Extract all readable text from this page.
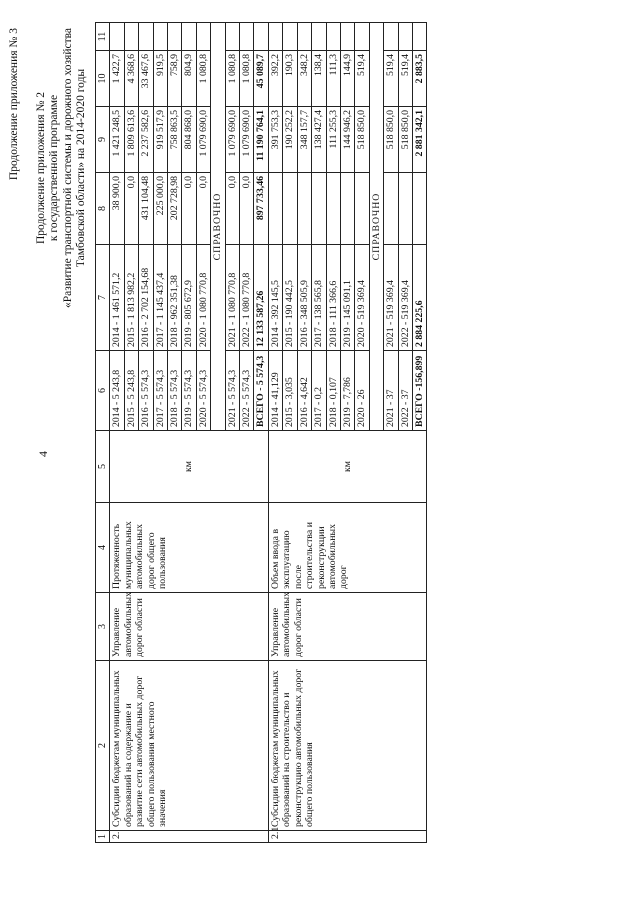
4
Продолжение приложения № 3 Продолжение приложения № 2 к государственной программе «Развитие транспортной системы и дорожного хозяйства Тамбовской области» на 2014-2020 годы
1	2	3	4	5	6	7	8	9	10	11
2.	Субсидии бюджетам муниципальных образований на содержание и развитие сети автомобильных дорог общего пользования местного значения	Управление автомобильных дорог области	Протяженность муниципальных автомобильных дорог общего пользования	км	2014 - 5 243,8	2014 - 1 461 571,2	38 900,0	1 421 248,5	1 422,7	
					2015 - 5 243,8	2015 - 1 813 982,2	0,0	1 809 613,6	4 368,6	
					2016 - 5 574,3	2016 - 2 702 154,68	431 104,48	2 237 582,6	33 467,6	
					2017 - 5 574,3	2017 - 1 145 437,4	225 000,0	919 517,9	919,5	
					2018 - 5 574,3	2018 - 962 351,38	202 728,98	758 863,5	758,9	
					2019 - 5 574,3	2019 - 805 672,9	0,0	804 868,0	804,9	
					2020 - 5 574,3	2020 - 1 080 770,8	0,0	1 079 690,0	1 080,8	
					СПРАВОЧНО					
					2021 - 5 574,3	2021 - 1 080 770,8	0,0	1 079 690,0	1 080,8	
					2022 - 5 574,3	2022 - 1 080 770,8	0,0	1 079 690,0	1 080,8	
					ВСЕГО - 5 574,3	12 133 587,26	897 733,46	11 190 764,1	45 089,7	
2.1	Субсидии бюджетам муниципальных образований на строительство и реконструкцию автомобильных дорог общего пользования	Управление автомобильных дорог области	Объем ввода в эксплуатацию после строительства и реконструкции автомобильных дорог	км	2014 - 41,129	2014 - 392 145,5		391 753,3	392,2	
					2015 - 3,035	2015 - 190 442,5		190 252,2	190,3	
					2016 - 4,642	2016 - 348 505,9		348 157,7	348,2	
					2017 - 0,2	2017 - 138 565,8		138 427,4	138,4	
					2018 - 0,107	2018 - 111 366,6		111 255,3	111,3	
					2019 - 7,786	2019 - 145 091,1		144 946,2	144,9	
					2020 - 26	2020 - 519 369,4		518 850,0	519,4	
					СПРАВОЧНО					
					2021 - 37	2021 - 519 369,4		518 850,0	519,4	
					2022 - 37	2022 - 519 369,4		518 850,0	519,4	
					ВСЕГО -156,899	2 884 225,6		2 881 342,1	2 883,5	
